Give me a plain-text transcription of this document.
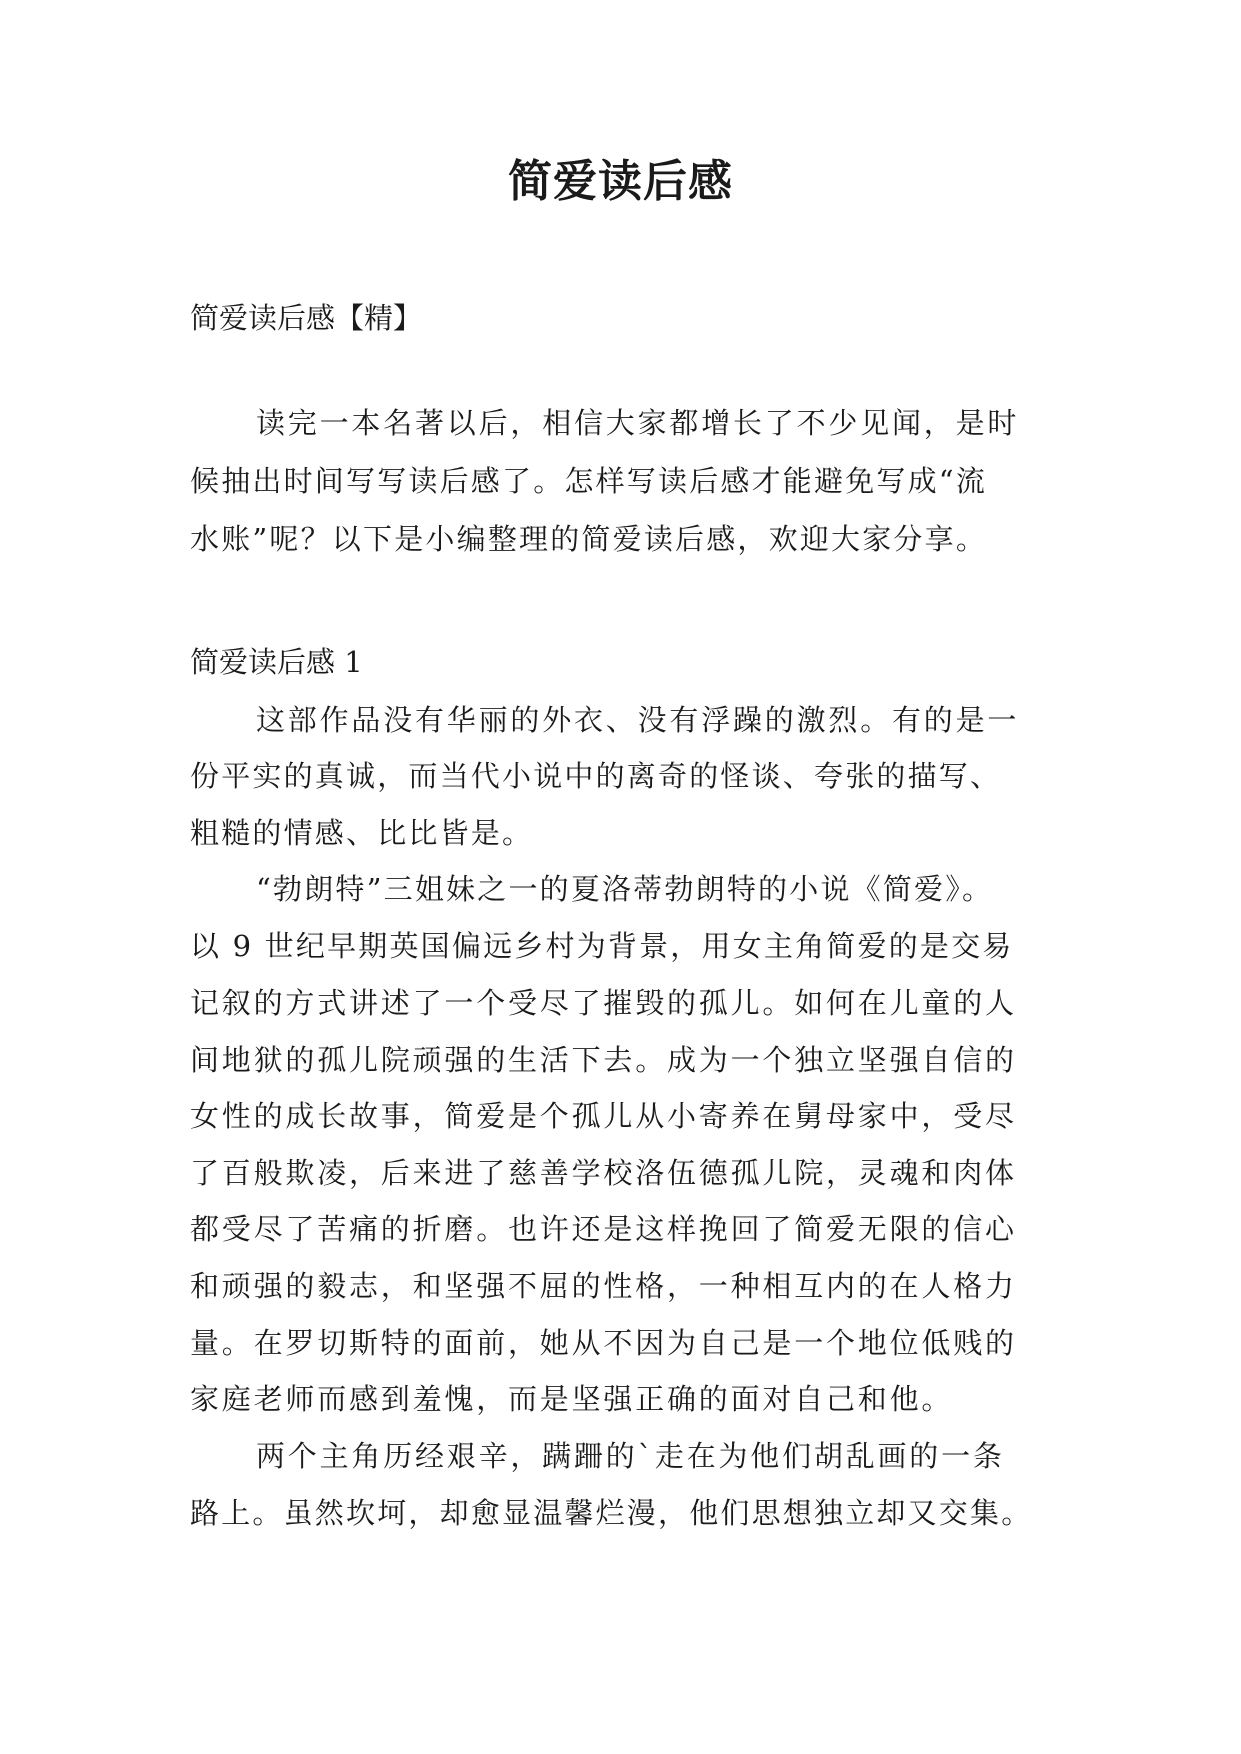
简爱读后感
简爱读后感【精】
读完一本名著以后，相信大家都增长了不少见闻，是时
候抽出时间写写读后感了。怎样写读后感才能避免写成“流
水账”呢？以下是小编整理的简爱读后感，欢迎大家分享。
简爱读后感 1
这部作品没有华丽的外衣、没有浮躁的激烈。有的是一
份平实的真诚，而当代小说中的离奇的怪谈、夸张的描写、
粗糙的情感、比比皆是。
“勃朗特”三姐妹之一的夏洛蒂勃朗特的小说《简爱》。
以 9 世纪早期英国偏远乡村为背景，用女主角简爱的是交易
记叙的方式讲述了一个受尽了摧毁的孤儿。如何在儿童的人
间地狱的孤儿院顽强的生活下去。成为一个独立坚强自信的
女性的成长故事，简爱是个孤儿从小寄养在舅母家中，受尽
了百般欺凌，后来进了慈善学校洛伍德孤儿院，灵魂和肉体
都受尽了苦痛的折磨。也许还是这样挽回了简爱无限的信心
和顽强的毅志，和坚强不屈的性格，一种相互内的在人格力
量。在罗切斯特的面前，她从不因为自己是一个地位低贱的
家庭老师而感到羞愧，而是坚强正确的面对自己和他。
两个主角历经艰辛，蹒跚的`走在为他们胡乱画的一条
路上。虽然坎坷，却愈显温馨烂漫，他们思想独立却又交集。
